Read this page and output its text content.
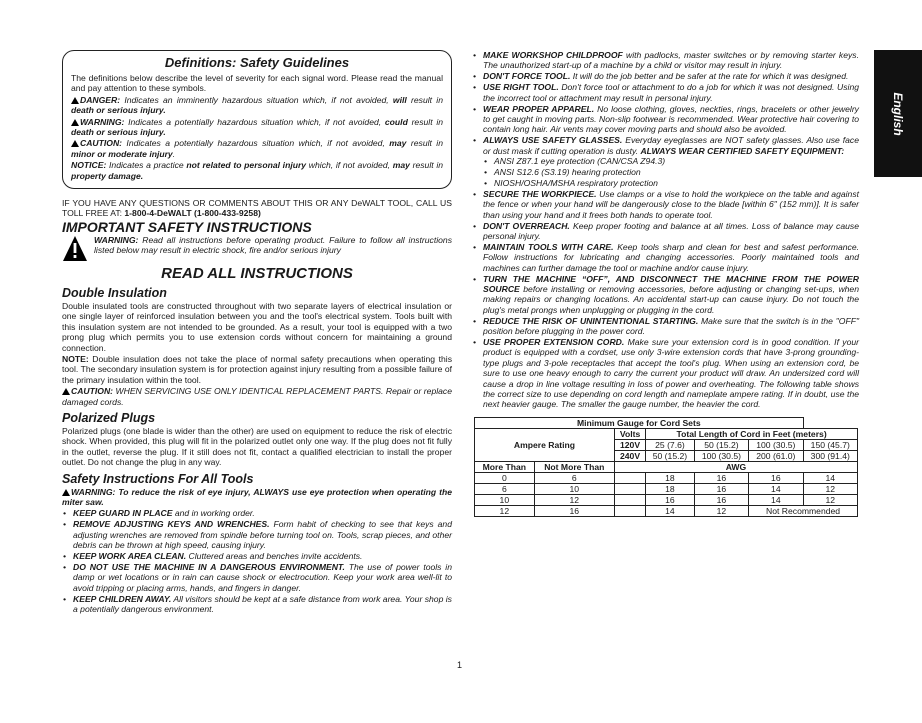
Definitions: Safety Guidelines

The definitions below describe the level of severity for each signal word. Please read the manual and pay attention to these symbols.

DANGER: Indicates an imminently hazardous situation which, if not avoided, will result in death or serious injury.

WARNING: Indicates a potentially hazardous situation which, if not avoided, could result in death or serious injury.

CAUTION: Indicates a potentially hazardous situation which, if not avoided, may result in minor or moderate injury.

NOTICE: Indicates a practice not related to personal injury which, if not avoided, may result in property damage.

IF YOU HAVE ANY QUESTIONS OR COMMENTS ABOUT THIS OR ANY DeWALT TOOL, CALL US TOLL FREE AT: 1-800-4-DeWALT (1-800-433-9258)

IMPORTANT SAFETY INSTRUCTIONS
WARNING: Read all instructions before operating product. Failure to follow all instructions listed below may result in electric shock, fire and/or serious injury
READ ALL INSTRUCTIONS
Double Insulation

Double insulated tools are constructed throughout with two separate layers of electrical insulation or one single layer of reinforced insulation between you and the tool's electrical system. Tools built with this insulation system are not intended to be grounded. As a result, your tool is equipped with a two prong plug which permits you to use extension cords without concern for maintaining a ground connection.

NOTE: Double insulation does not take the place of normal safety precautions when operating this tool. The secondary insulation system is for protection against injury resulting from a possible failure of the primary insulation within the tool.

CAUTION: WHEN SERVICING USE ONLY IDENTICAL REPLACEMENT PARTS. Repair or replace damaged cords.

Polarized Plugs

Polarized plugs (one blade is wider than the other) are used on equipment to reduce the risk of electric shock. When provided, this plug will fit in the polarized outlet only one way. If the plug does not fit fully in the outlet, reverse the plug. If it still does not fit, contact a qualified electrician to install the proper outlet. Do not change the plug in any way.

Safety Instructions For All Tools

WARNING: To reduce the risk of eye injury, ALWAYS use eye protection when operating the miter saw.

• KEEP GUARD IN PLACE and in working order.
• REMOVE ADJUSTING KEYS AND WRENCHES. Form habit of checking to see that keys and adjusting wrenches are removed from spindle before turning tool on. Tools, scrap pieces, and other debris can be thrown at high speed, causing injury.
• KEEP WORK AREA CLEAN. Cluttered areas and benches invite accidents.
• DO NOT USE THE MACHINE IN A DANGEROUS ENVIRONMENT. The use of power tools in damp or wet locations or in rain can cause shock or electrocution. Keep your work area well-lit to avoid tripping or placing arms, hands, and fingers in danger.
• KEEP CHILDREN AWAY. All visitors should be kept at a safe distance from work area. Your shop is a potentially dangerous environment.
• MAKE WORKSHOP CHILDPROOF with padlocks, master switches or by removing starter keys. The unauthorized start-up of a machine by a child or visitor may result in injury.
• DON'T FORCE TOOL. It will do the job better and be safer at the rate for which it was designed.
• USE RIGHT TOOL. Don't force tool or attachment to do a job for which it was not designed. Using the incorrect tool or attachment may result in personal injury.
• WEAR PROPER APPAREL. No loose clothing, gloves, neckties, rings, bracelets or other jewelry to get caught in moving parts. Non-slip footwear is recommended. Wear protective hair covering to contain long hair. Air vents may cover moving parts and should also be avoided.
• ALWAYS USE SAFETY GLASSES. Everyday eyeglasses are NOT safety glasses. Also use face or dust mask if cutting operation is dusty. ALWAYS WEAR CERTIFIED SAFETY EQUIPMENT:
• ANSI Z87.1 eye protection (CAN/CSA Z94.3)
• ANSI S12.6 (S3.19) hearing protection
• NIOSH/OSHA/MSHA respiratory protection
• SECURE THE WORKPIECE. Use clamps or a vise to hold the workpiece on the table and against the fence or when your hand will be dangerously close to the blade [within 6" (152 mm)]. It is safer than using your hand and it frees both hands to operate tool.
• DON'T OVERREACH. Keep proper footing and balance at all times. Loss of balance may cause personal injury.
• MAINTAIN TOOLS WITH CARE. Keep tools sharp and clean for best and safest performance. Follow instructions for lubricating and changing accessories. Poorly maintained tools and machines can further damage the tool or machine and/or cause injury.
• TURN THE MACHINE “OFF”, AND DISCONNECT THE MACHINE FROM THE POWER SOURCE before installing or removing accessories, before adjusting or changing set-ups, when making repairs or changing locations. An accidental start-up can cause injury. Do not touch the plug's metal prongs when unplugging or plugging in the cord.
• REDUCE THE RISK OF UNINTENTIONAL STARTING. Make sure that the switch is in the "OFF" position before plugging in the power cord.
• USE PROPER EXTENSION CORD. Make sure your extension cord is in good condition. If your product is equipped with a cordset, use only 3-wire extension cords that have 3-prong grounding-type plugs and 3-pole receptacles that accept the tool's plug. When using an extension cord, be sure to use one heavy enough to carry the current your product will draw. An undersized cord will cause a drop in line voltage resulting in loss of power and overheating. The following table shows the correct size to use depending on cord length and nameplate ampere rating. If in doubt, use the next heavier gauge. The smaller the gauge number, the heavier the cord.
Minimum Gauge for Cord Sets						
Ampere Rating		Volts	Total Length of Cord in Feet (meters)			
		120V	25 (7.6)	50 (15.2)	100 (30.5)	150 (45.7)
		240V	50 (15.2)	100 (30.5)	200 (61.0)	300 (91.4)
More Than	Not More Than	AWG				
0	6		18	16	16	14
6	10		18	16	14	12
10	12		16	16	14	12
12	16		14	12	Not Recommended	
English
1
